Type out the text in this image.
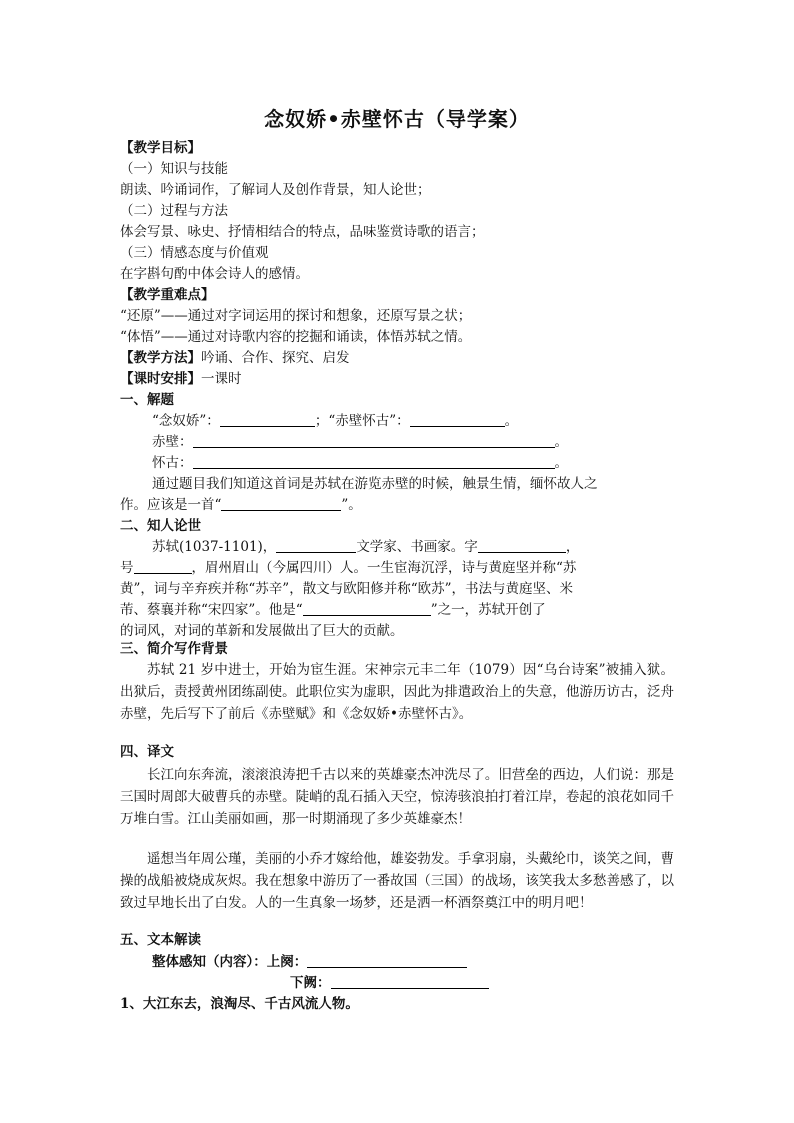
念奴娇•赤壁怀古（导学案）
【教学目标】
（一）知识与技能
朗读、吟诵词作，了解词人及创作背景，知人论世；
（二）过程与方法
体会写景、咏史、抒情相结合的特点，品味鉴赏诗歌的语言；
（三）情感态度与价值观
在字斟句酌中体会诗人的感情。
【教学重难点】
“还原”——通过对字词运用的探讨和想象，还原写景之状；
“体悟”——通过对诗歌内容的挖掘和诵读，体悟苏轼之情。
【教学方法】吟诵、合作、探究、启发
【课时安排】一课时
一、解题
“念奴娇”：	；“赤壁怀古”：	。
赤壁：	。
怀古：	。
通过题目我们知道这首词是苏轼在游览赤壁的时候，触景生情，缅怀故人之
作。应该是一首“	”。
二、知人论世
苏轼(1037-1101)，	文学家、书画家。字	，
号	，眉州眉山（今属四川）人。一生宦海沉浮，诗与黄庭坚并称“苏
黄”，词与辛弃疾并称“苏辛”，散文与欧阳修并称“欧苏”，书法与黄庭坚、米
芾、蔡襄并称“宋四家”。他是“	”之一，苏轼开创了
的词风，对词的革新和发展做出了巨大的贡献。
三、简介写作背景
苏轼 21 岁中进士，开始为宦生涯。宋神宗元丰二年（1079）因“乌台诗案”被捕入狱。出狱后，责授黄州团练副使。此职位实为虚职，因此为排遣政治上的失意，他游历访古，泛舟赤壁，先后写下了前后《赤壁赋》和《念奴娇•赤壁怀古》。
四、译文
长江向东奔流，滚滚浪涛把千古以来的英雄豪杰冲洗尽了。旧营垒的西边，人们说：那是三国时周郎大破曹兵的赤壁。陡峭的乱石插入天空，惊涛骇浪拍打着江岸，卷起的浪花如同千万堆白雪。江山美丽如画，那一时期涌现了多少英雄豪杰！
遥想当年周公瑾，美丽的小乔才嫁给他，雄姿勃发。手拿羽扇，头戴纶巾，谈笑之间，曹操的战船被烧成灰烬。我在想象中游历了一番故国（三国）的战场，该笑我太多愁善感了，以致过早地长出了白发。人的一生真象一场梦，还是洒一杯酒祭奠江中的明月吧！
五、文本解读
整体感知（内容）：上阕：
下阙：
1、大江东去，浪淘尽、千古风流人物。
